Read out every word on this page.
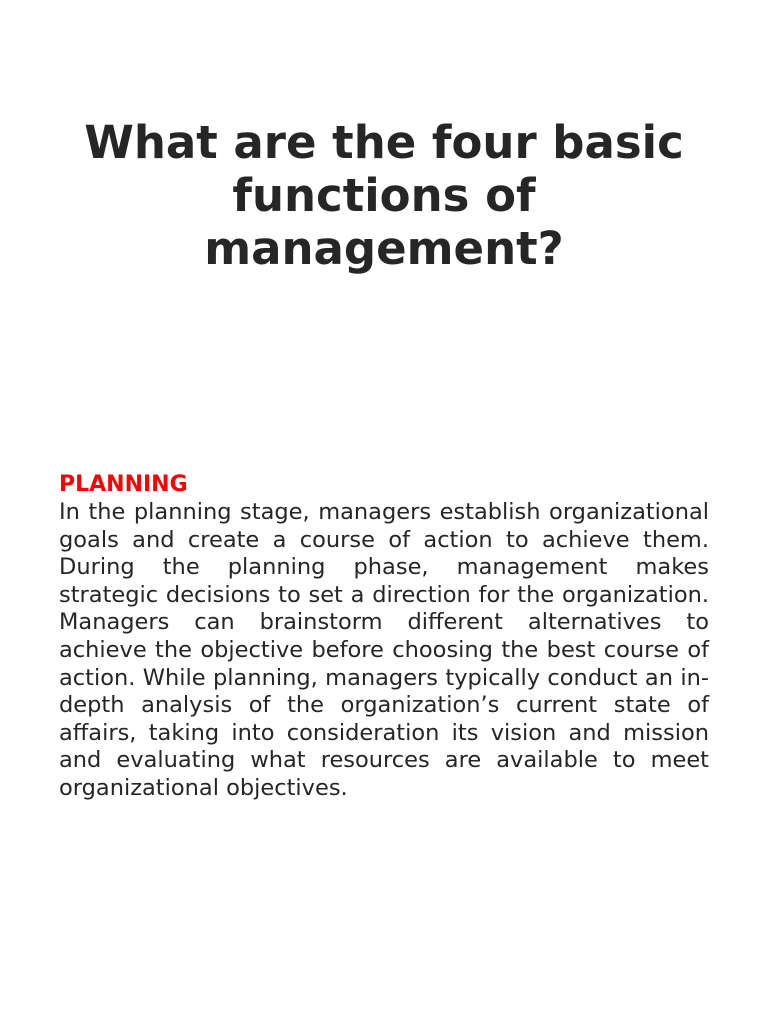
What are the four basic functions of management?
PLANNING

In the planning stage, managers establish organizational goals and create a course of action to achieve them. During the planning phase, management makes strategic decisions to set a direction for the organization. Managers can brainstorm different alternatives to achieve the objective before choosing the best course of action. While planning, managers typically conduct an in-depth analysis of the organization’s current state of affairs, taking into consideration its vision and mission and evaluating what resources are available to meet organizational objectives.
